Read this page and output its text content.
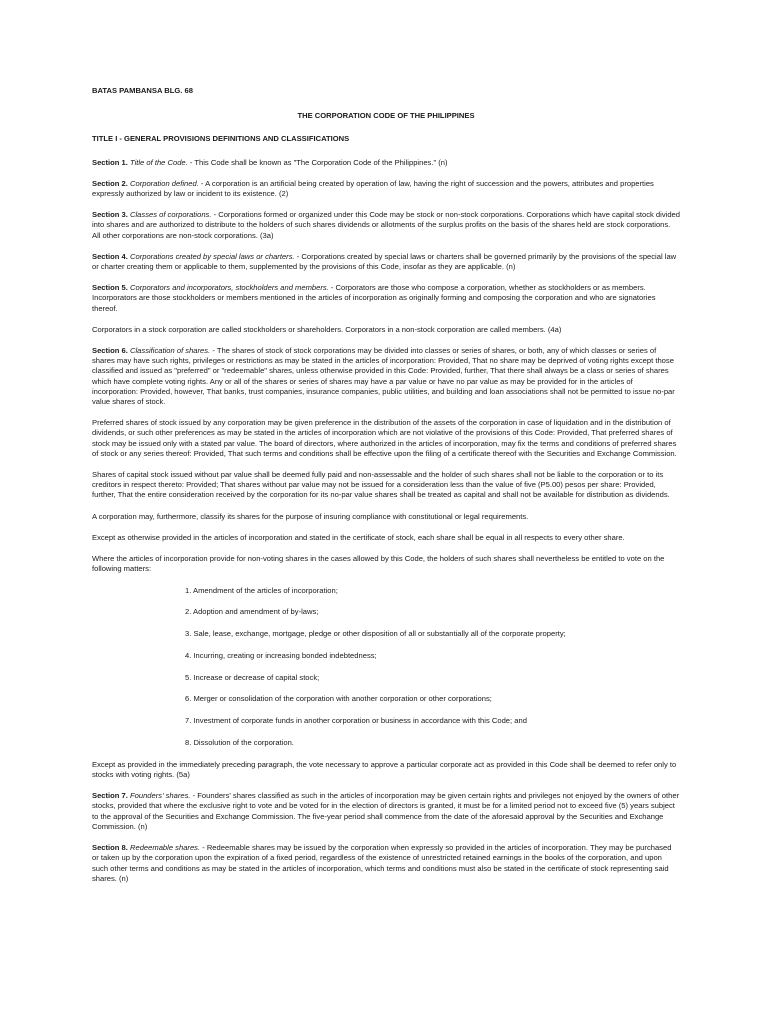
BATAS PAMBANSA BLG. 68
THE CORPORATION CODE OF THE PHILIPPINES
TITLE I - GENERAL PROVISIONS DEFINITIONS AND CLASSIFICATIONS

Section 1. Title of the Code. - This Code shall be known as "The Corporation Code of the Philippines." (n)

Section 2. Corporation defined. - A corporation is an artificial being created by operation of law, having the right of succession and the powers, attributes and properties expressly authorized by law or incident to its existence. (2)

Section 3. Classes of corporations. - Corporations formed or organized under this Code may be stock or non-stock corporations. Corporations which have capital stock divided into shares and are authorized to distribute to the holders of such shares dividends or allotments of the surplus profits on the basis of the shares held are stock corporations. All other corporations are non-stock corporations. (3a)

Section 4. Corporations created by special laws or charters. - Corporations created by special laws or charters shall be governed primarily by the provisions of the special law or charter creating them or applicable to them, supplemented by the provisions of this Code, insofar as they are applicable. (n)

Section 5. Corporators and incorporators, stockholders and members. - Corporators are those who compose a corporation, whether as stockholders or as members. Incorporators are those stockholders or members mentioned in the articles of incorporation as originally forming and composing the corporation and who are signatories thereof.

Corporators in a stock corporation are called stockholders or shareholders. Corporators in a non-stock corporation are called members. (4a)

Section 6. Classification of shares. - The shares of stock of stock corporations may be divided into classes or series of shares, or both, any of which classes or series of shares may have such rights, privileges or restrictions as may be stated in the articles of incorporation: Provided, That no share may be deprived of voting rights except those classified and issued as "preferred" or "redeemable" shares, unless otherwise provided in this Code: Provided, further, That there shall always be a class or series of shares which have complete voting rights. Any or all of the shares or series of shares may have a par value or have no par value as may be provided for in the articles of incorporation: Provided, however, That banks, trust companies, insurance companies, public utilities, and building and loan associations shall not be permitted to issue no-par value shares of stock.

Preferred shares of stock issued by any corporation may be given preference in the distribution of the assets of the corporation in case of liquidation and in the distribution of dividends, or such other preferences as may be stated in the articles of incorporation which are not violative of the provisions of this Code: Provided, That preferred shares of stock may be issued only with a stated par value. The board of directors, where authorized in the articles of incorporation, may fix the terms and conditions of preferred shares of stock or any series thereof: Provided, That such terms and conditions shall be effective upon the filing of a certificate thereof with the Securities and Exchange Commission.

Shares of capital stock issued without par value shall be deemed fully paid and non-assessable and the holder of such shares shall not be liable to the corporation or to its creditors in respect thereto: Provided; That shares without par value may not be issued for a consideration less than the value of five (P5.00) pesos per share: Provided, further, That the entire consideration received by the corporation for its no-par value shares shall be treated as capital and shall not be available for distribution as dividends.

A corporation may, furthermore, classify its shares for the purpose of insuring compliance with constitutional or legal requirements.

Except as otherwise provided in the articles of incorporation and stated in the certificate of stock, each share shall be equal in all respects to every other share.

Where the articles of incorporation provide for non-voting shares in the cases allowed by this Code, the holders of such shares shall nevertheless be entitled to vote on the following matters:

1. Amendment of the articles of incorporation;
2. Adoption and amendment of by-laws;
3. Sale, lease, exchange, mortgage, pledge or other disposition of all or substantially all of the corporate property;
4. Incurring, creating or increasing bonded indebtedness;
5. Increase or decrease of capital stock;
6. Merger or consolidation of the corporation with another corporation or other corporations;
7. Investment of corporate funds in another corporation or business in accordance with this Code; and
8. Dissolution of the corporation.

Except as provided in the immediately preceding paragraph, the vote necessary to approve a particular corporate act as provided in this Code shall be deemed to refer only to stocks with voting rights. (5a)

Section 7. Founders' shares. - Founders' shares classified as such in the articles of incorporation may be given certain rights and privileges not enjoyed by the owners of other stocks, provided that where the exclusive right to vote and be voted for in the election of directors is granted, it must be for a limited period not to exceed five (5) years subject to the approval of the Securities and Exchange Commission. The five-year period shall commence from the date of the aforesaid approval by the Securities and Exchange Commission. (n)

Section 8. Redeemable shares. - Redeemable shares may be issued by the corporation when expressly so provided in the articles of incorporation. They may be purchased or taken up by the corporation upon the expiration of a fixed period, regardless of the existence of unrestricted retained earnings in the books of the corporation, and upon such other terms and conditions as may be stated in the articles of incorporation, which terms and conditions must also be stated in the certificate of stock representing said shares. (n)
